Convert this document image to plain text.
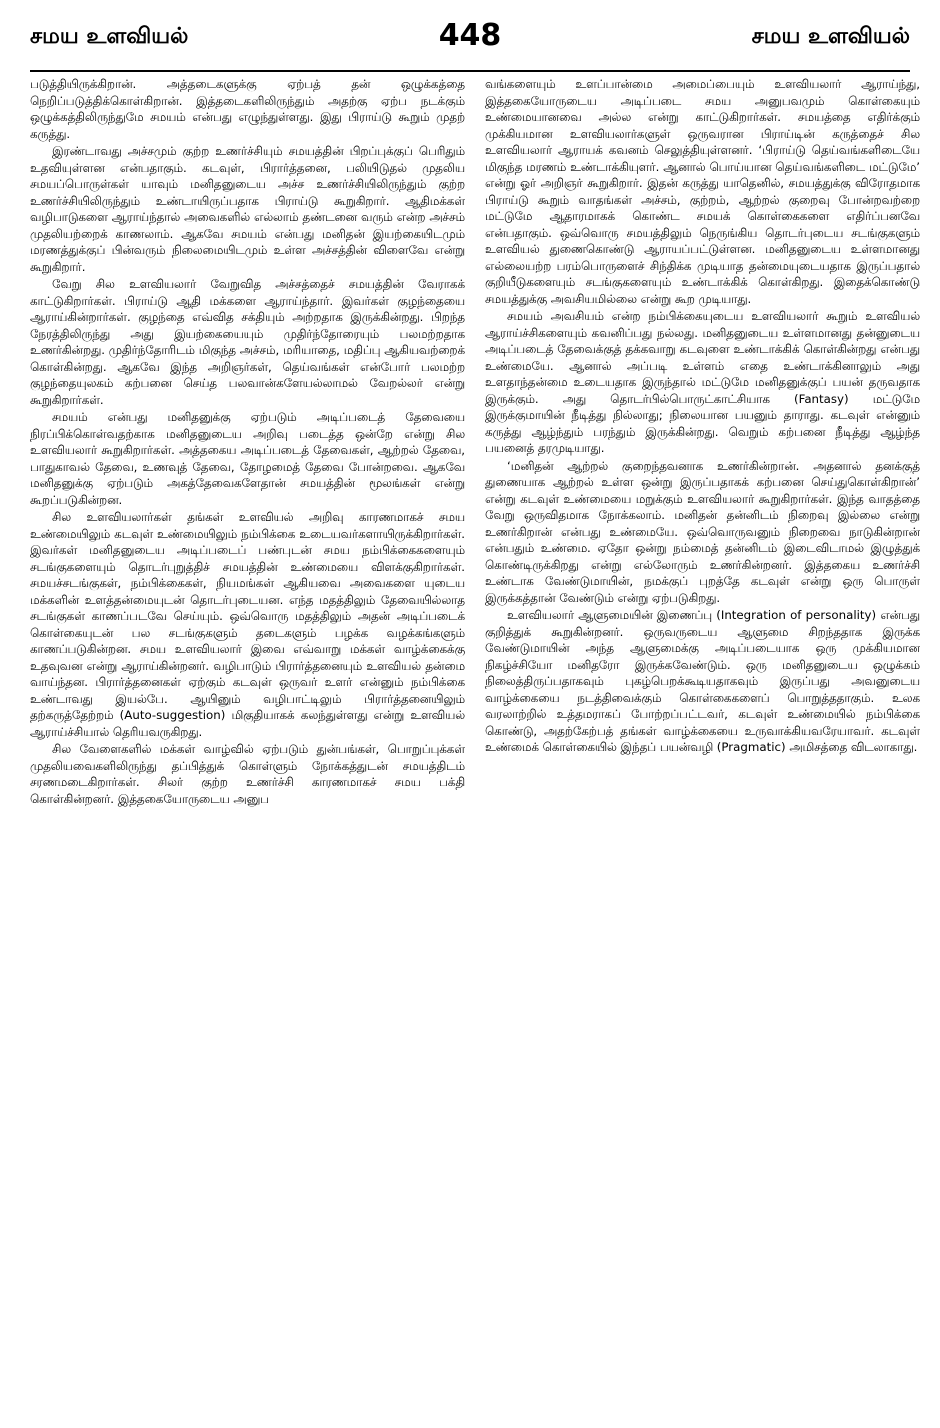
சமய உளவியல்	448	சமய உளவியல்

படுத்தியிருக்கிறான். அத்தடைகளுக்கு ஏற்பத் தன் ஒழுக்கத்தை நெறிப்படுத்திக்கொள்கிறான். இத்தடைகளிலிருந்தும் அதற்கு ஏற்ப நடக்கும் ஒழுக்கத்திலிருந்துமே சமயம் என்பது எழுந்துள்ளது. இது பிராய்டு கூறும் முதற் கருத்து.

இரண்டாவது அச்சமும் குற்ற உணர்ச்சியும் சமயத்தின் பிறப்புக்குப் பெரிதும் உதவியுள்ளன என்பதாகும். கடவுள், பிரார்த்தனை, பலியிடுதல் முதலிய சமயப்பொருள்கள் யாவும் மனிதனுடைய அச்ச உணர்ச்சியிலிருந்தும் குற்ற உணர்ச்சியிலிருந்தும் உண்டாயிருப்பதாக பிராய்டு கூறுகிறார். ஆதிமக்கள் வழிபாடுகளை ஆராய்ந்தால் அவைகளில் எல்லாம் தண்டனை வரும் என்ற அச்சம் முதலியற்றைக் காணலாம். ஆகவே சமயம் என்பது மனிதன் இயற்கையிடமும் மரணத்துக்குப் பின்வரும் நிலைமையிடமும் உள்ள அச்சத்தின் விளைவே என்று கூறுகிறார்.

வேறு சில உளவியலார் வேறுவித அச்சத்தைச் சமயத்தின் வேராகக் காட்டுகிறார்கள். பிராய்டு ஆதி மக்களை ஆராய்ந்தார். இவர்கள் குழந்தையை ஆராய்கின்றார்கள். குழந்தை எவ்வித சக்தியும் அற்றதாக இருக்கின்றது. பிறந்த நேரத்திலிருந்து அது இயற்கையையும் முதிர்ந்தோரையும் பலமற்றதாக உணர்கின்றது. முதிர்ந்தோரிடம் மிகுந்த அச்சம், மரியாதை, மதிப்பு ஆகியவற்றைக் கொள்கின்றது. ஆகவே இந்த அறிஞர்கள், தெய்வங்கள் என்போர் பலமற்ற குழந்தையுலகம் கற்பனை செய்த பலவான்களேயல்லாமல் வேறல்லர் என்று கூறுகிறார்கள்.

சமயம் என்பது மனிதனுக்கு ஏற்படும் அடிப்படைத் தேவையை நிரப்பிக்கொள்வதற்காக மனிதனுடைய அறிவு படைத்த ஒன்றே என்று சில உளவியலார் கூறுகிறார்கள். அத்தகைய அடிப்படைத் தேவைகள், ஆற்றல் தேவை, பாதுகாவல் தேவை, உணவுத் தேவை, தோழமைத் தேவை போன்றவை. ஆகவே மனிதனுக்கு ஏற்படும் அகத்தேவைகளேதான் சமயத்தின் மூலங்கள் என்று கூறப்படுகின்றன.

சில உளவியலார்கள் தங்கள் உளவியல் அறிவு காரணமாகச் சமய உண்மையிலும் கடவுள் உண்மையிலும் நம்பிக்கை உடையவர்களாயிருக்கிறார்கள். இவர்கள் மனிதனுடைய அடிப்படைப் பண்புடன் சமய நம்பிக்கைகளையும் சடங்குகளையும் தொடர்புறுத்திச் சமயத்தின் உண்மையை விளக்குகிறார்கள். சமயச்சடங்குகள், நம்பிக்கைகள், நியமங்கள் ஆகியவை அவைகளை யுடைய மக்களின் உளத்தன்மையுடன் தொடர்புடையன. எந்த மதத்திலும் தேவையில்லாத சடங்குகள் காணப்படவே செய்யும். ஒவ்வொரு மதத்திலும் அதன் அடிப்படைக் கொள்கையுடன் பல சடங்குகளும் தடைகளும் பழக்க வழக்கங்களும் காணப்படுகின்றன. சமய உளவியலார் இவை எவ்வாறு மக்கள் வாழ்க்கைக்கு உதவுவன என்று ஆராய்கின்றனர். வழிபாடும் பிரார்த்தனையும் உளவியல் தன்மை வாய்ந்தன. பிரார்த்தனைகள் ஏற்கும் கடவுள் ஒருவர் உளர் என்னும் நம்பிக்கை உண்டாவது இயல்பே. ஆயினும் வழிபாட்டிலும் பிரார்த்தனையிலும் தற்கருத்தேற்றம் (Auto-suggestion) மிகுதியாகக் கலந்துள்ளது என்று உளவியல் ஆராய்ச்சியால் தெரியவருகிறது.

சில வேளைகளில் மக்கள் வாழ்வில் ஏற்படும் துன்பங்கள், பொறுப்புக்கள் முதலியவைகளிலிருந்து தப்பித்துக் கொள்ளும் நோக்கத்துடன் சமயத்திடம் சரணமடைகிறார்கள். சிலர் குற்ற உணர்ச்சி காரணமாகச் சமய பக்தி கொள்கின்றனர். இத்தகையோருடைய அனுப

வங்களையும் உளப்பான்மை அமைப்பையும் உளவியலார் ஆராய்ந்து, இத்தகையோருடைய அடிப்படை சமய அனுபவமும் கொள்கையும் உண்மையானவை அல்ல என்று காட்டுகிறார்கள். சமயத்தை எதிர்க்கும் முக்கியமான உளவியலார்களுள் ஒருவரான பிராய்டின் கருத்தைச் சில உளவியலார் ஆராயக் கவனம் செலுத்தியுள்ளனர். ‘பிராய்டு தெய்வங்களிடையே மிகுந்த மரணம் உண்டாக்கியுளர். ஆனால் பொய்யான தெய்வங்களிடை மட்டுமே’ என்று ஓர் அறிஞர் கூறுகிறார். இதன் கருத்து யாதெனில், சமயத்துக்கு விரோதமாக பிராய்டு கூறும் வாதங்கள் அச்சம், குற்றம், ஆற்றல் குறைவு போன்றவற்றை மட்டுமே ஆதாரமாகக் கொண்ட சமயக் கொள்கைகளை எதிர்ப்பனவே என்பதாகும். ஒவ்வொரு சமயத்திலும் நெருங்கிய தொடர்புடைய சடங்குகளும் உளவியல் துணைகொண்டு ஆராயப்பட்டுள்ளன. மனிதனுடைய உள்ளமானது எல்லையற்ற பரம்பொருளைச் சிந்திக்க முடியாத தன்மையுடையதாக இருப்பதால் குறியீடுகளையும் சடங்குகளையும் உண்டாக்கிக் கொள்கிறது. இதைக்கொண்டு சமயத்துக்கு அவசியமில்லை என்று கூற முடியாது.

சமயம் அவசியம் என்ற நம்பிக்கையுடைய உளவியலார் கூறும் உளவியல் ஆராய்ச்சிகளையும் கவனிப்பது நல்லது. மனிதனுடைய உள்ளமானது தன்னுடைய அடிப்படைத் தேவைக்குத் தக்கவாறு கடவுளை உண்டாக்கிக் கொள்கின்றது என்பது உண்மையே. ஆனால் அப்படி உள்ளம் எதை உண்டாக்கினாலும் அது உளதாந்தன்மை உடையதாக இருந்தால் மட்டுமே மனிதனுக்குப் பயன் தருவதாக இருக்கும். அது தொடர்பில்பொருட்காட்சியாக (Fantasy) மட்டுமே இருக்குமாயின் நீடித்து நில்லாது; நிலையான பயனும் தாராது. கடவுள் என்னும் கருத்து ஆழ்ந்தும் பரந்தும் இருக்கின்றது. வெறும் கற்பனை நீடித்து ஆழ்ந்த பயனைத் தரமுடியாது.

‘மனிதன் ஆற்றல் குறைந்தவனாக உணர்கின்றான். அதனால் தனக்குத் துணையாக ஆற்றல் உள்ள ஒன்று இருப்பதாகக் கற்பனை செய்துகொள்கிறான்’ என்று கடவுள் உண்மையை மறுக்கும் உளவியலார் கூறுகிறார்கள். இந்த வாதத்தை வேறு ஒருவிதமாக நோக்கலாம். மனிதன் தன்னிடம் நிறைவு இல்லை என்று உணர்கிறான் என்பது உண்மையே. ஒவ்வொருவனும் நிறைவை நாடுகின்றான் என்பதும் உண்மை. ஏதோ ஒன்று நம்மைத் தன்னிடம் இடைவிடாமல் இழுத்துக் கொண்டிருக்கிறது என்று எல்லோரும் உணர்கின்றனர். இத்தகைய உணர்ச்சி உண்டாக வேண்டுமாயின், நமக்குப் புறத்தே கடவுள் என்று ஒரு பொருள் இருக்கத்தான் வேண்டும் என்று ஏற்படுகிறது.

உளவியலார் ஆளுமையின் இணைப்பு (Integration of personality) என்பது குறித்துக் கூறுகின்றனர். ஒருவருடைய ஆளுமை சிறந்ததாக இருக்க வேண்டுமாயின் அந்த ஆளுமைக்கு அடிப்படையாக ஒரு முக்கியமான நிகழ்ச்சியோ மனிதரோ இருக்கவேண்டும். ஒரு மனிதனுடைய ஒழுக்கம் நிலைத்திருப்பதாகவும் புகழ்பெறக்கூடியதாகவும் இருப்பது அவனுடைய வாழ்க்கையை நடத்திவைக்கும் கொள்கைகளைப் பொறுத்ததாகும். உலக வரலாற்றில் உத்தமராகப் போற்றப்பட்டவர், கடவுள் உண்மையில் நம்பிக்கை கொண்டு, அதற்கேற்பத் தங்கள் வாழ்க்கையை உருவாக்கியவரேயாவர். கடவுள் உண்மைக் கொள்கையில் இந்தப் பயன்வழி (Pragmatic) அமிசத்தை விடலாகாது.
